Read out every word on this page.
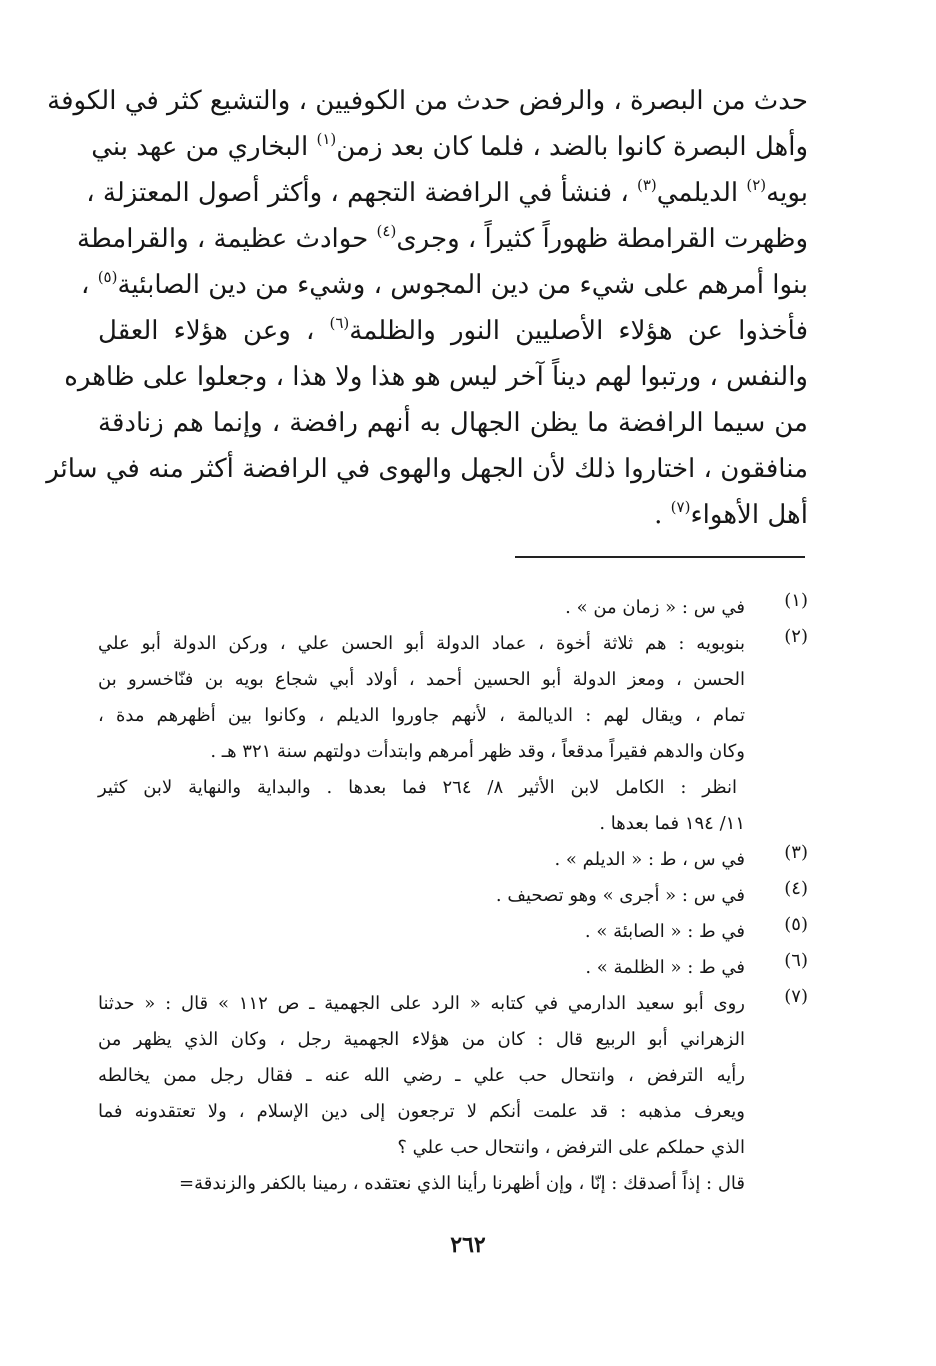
حدث من البصرة ، والرفض حدث من الكوفيين ، والتشيع كثر في الكوفة
وأهل البصرة كانوا بالضد ، فلما كان بعد زمن$^{(١)}$ البخاري من عهد بني
بويه$^{(٢)}$ الديلمي$^{(٣)}$ ، فنشأ في الرافضة التجهم ، وأكثر أصول المعتزلة ،
وظهرت القرامطة ظهوراً كثيراً ، وجرى$^{(٤)}$ حوادث عظيمة ، والقرامطة
بنوا أمرهم على شيء من دين المجوس ، وشيء من دين الصابئية$^{(٥)}$ ،
فأخذوا عن هؤلاء الأصليين النور والظلمة$^{(٦)}$ ، وعن هؤلاء العقل
والنفس ، ورتبوا لهم ديناً آخر ليس هو هذا ولا هذا ، وجعلوا على ظاهره
من سيما الرافضة ما يظن الجهال به أنهم رافضة ، وإنما هم زنادقة
منافقون ، اختاروا ذلك لأن الجهل والهوى في الرافضة أكثر منه في سائر
أهل الأهواء$^{(٧)}$ .
(١)
في س : « زمان من » .
(٢)
بنوبويه : هم ثلاثة أخوة ، عماد الدولة أبو الحسن علي ، وركن الدولة أبو علي
الحسن ، ومعز الدولة أبو الحسين أحمد ، أولاد أبي شجاع بويه بن فنّاخسرو بن
تمام ، ويقال لهم : الديالمة ، لأنهم جاوروا الديلم ، وكانوا بين أظهرهم مدة ،
وكان والدهم فقيراً مدقعاً ، وقد ظهر أمرهم وابتدأت دولتهم سنة ٣٢١ هـ .
انظر : الكامل لابن الأثير ٨/ ٢٦٤ فما بعدها . والبداية والنهاية لابن كثير
١١/ ١٩٤ فما بعدها .
(٣)
في س ، ط : « الديلم » .
(٤)
في س : « أجرى » وهو تصحيف .
(٥)
في ط : « الصابئة » .
(٦)
في ط : « الظلمة » .
(٧)
روى أبو سعيد الدارمي في كتابه « الرد على الجهمية ـ ص ١١٢ » قال : « حدثنا
الزهراني أبو الربيع قال : كان من هؤلاء الجهمية رجل ، وكان الذي يظهر من
رأيه الترفض ، وانتحال حب علي ـ رضي الله عنه ـ فقال رجل ممن يخالطه
ويعرف مذهبه : قد علمت أنكم لا ترجعون إلى دين الإسلام ، ولا تعتقدونه فما
الذي حملكم على الترفض ، وانتحال حب علي ؟
قال : إذاً أصدقك : إنّا ، وإن أظهرنا رأينا الذي نعتقده ، رمينا بالكفر والزندقة=
٢٦٢
